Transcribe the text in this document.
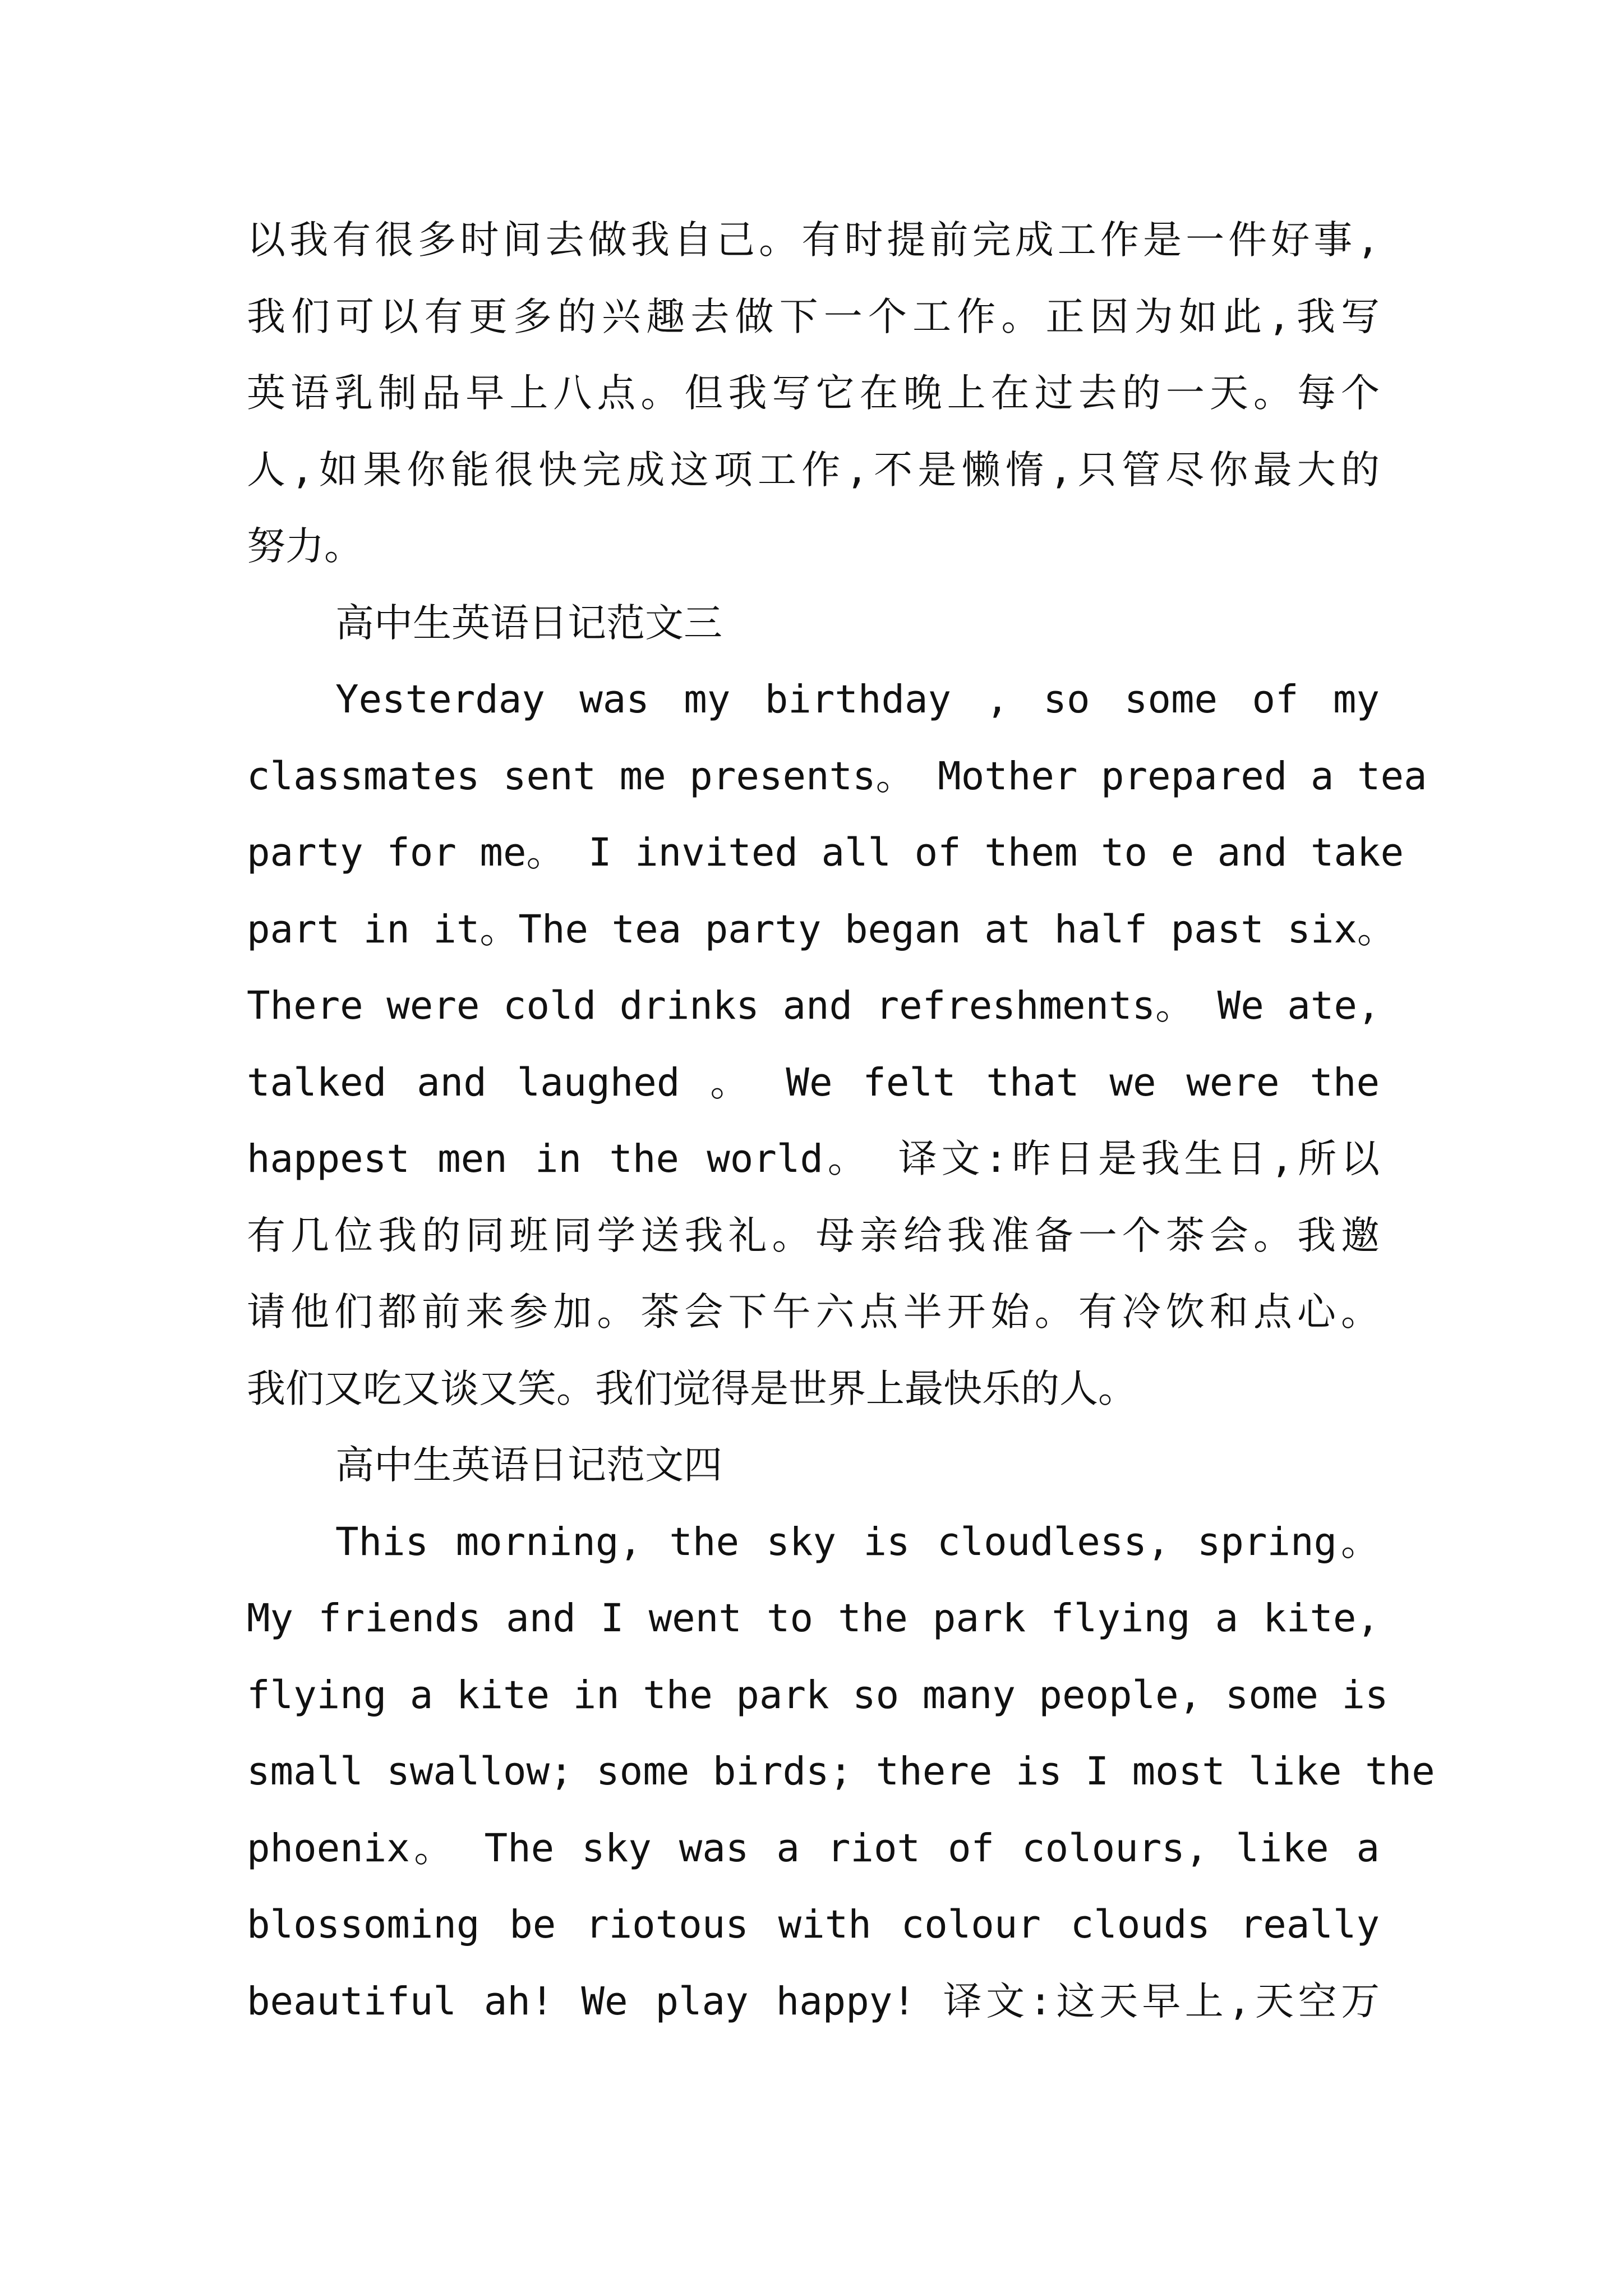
以我有很多时间去做我自己。有时提前完成工作是一件好事,
我们可以有更多的兴趣去做下一个工作。正因为如此,我写
英语乳制品早上八点。但我写它在晚上在过去的一天。每个
人,如果你能很快完成这项工作,不是懒惰,只管尽你最大的
努力。
高中生英语日记范文三
Yesterday was my birthday , so some of my
classmates sent me presents。 Mother prepared a tea
party for me。 I invited all of them to e and take
part in it。The tea party began at half past six。
There were cold drinks and refreshments。 We ate,
talked and laughed 。 We felt that we were the
happest men in the world。 译文:昨日是我生日,所以
有几位我的同班同学送我礼。母亲给我准备一个茶会。我邀
请他们都前来参加。茶会下午六点半开始。有冷饮和点心。
我们又吃又谈又笑。我们觉得是世界上最快乐的人。
高中生英语日记范文四
This morning, the sky is cloudless, spring。
My friends and I went to the park flying a kite,
flying a kite in the park so many people, some is
small swallow; some birds; there is I most like the
phoenix。 The sky was a riot of colours, like a
blossoming be riotous with colour clouds really
beautiful ah! We play happy! 译文:这天早上,天空万
